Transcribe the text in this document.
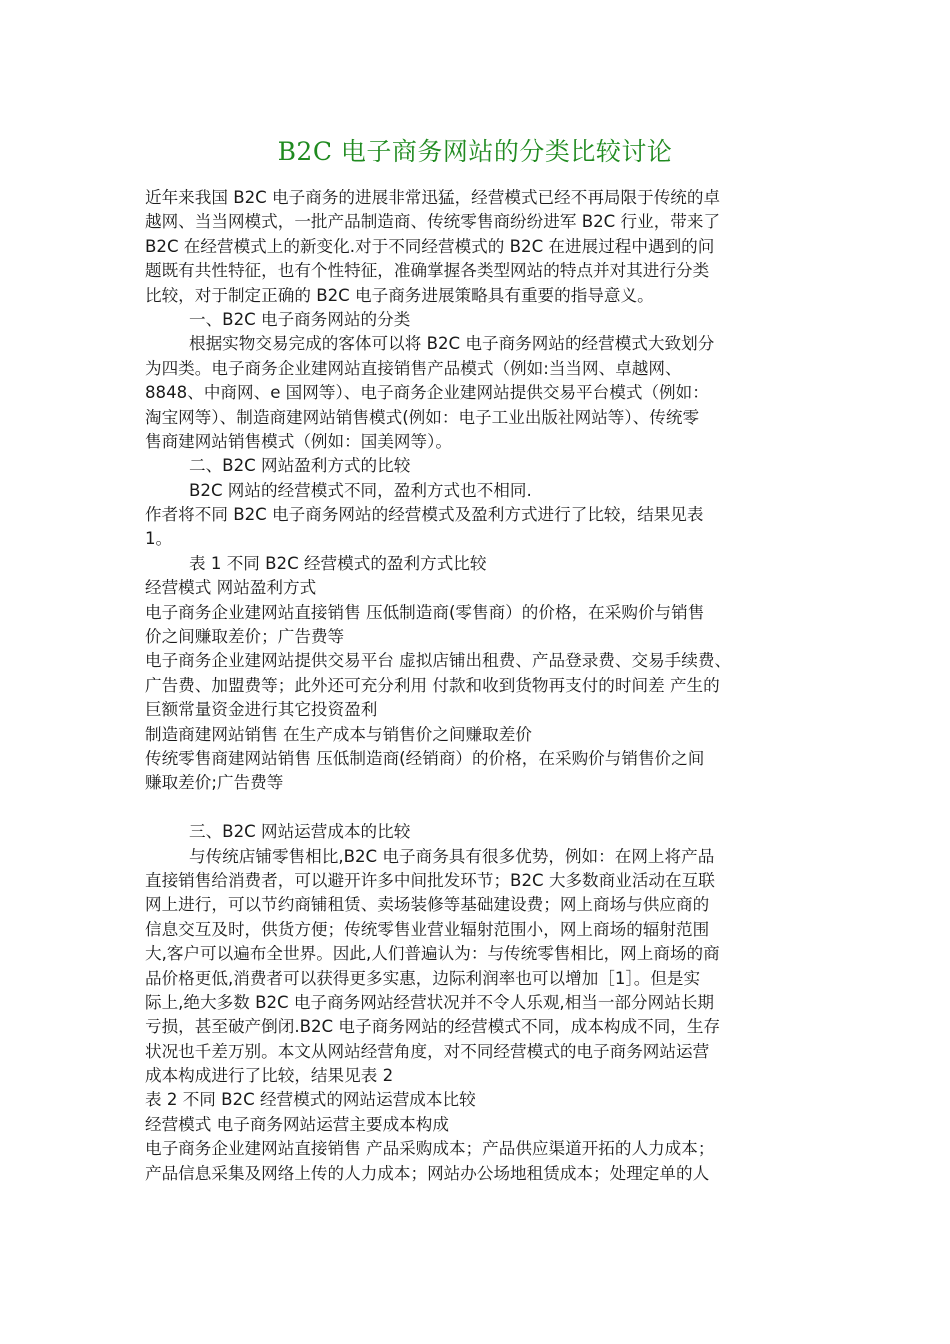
B2C 电子商务网站的分类比较讨论
近年来我国 B2C 电子商务的进展非常迅猛，经营模式已经不再局限于传统的卓
越网、当当网模式，一批产品制造商、传统零售商纷纷进军 B2C 行业，带来了
B2C 在经营模式上的新变化.对于不同经营模式的 B2C 在进展过程中遇到的问
题既有共性特征，也有个性特征，准确掌握各类型网站的特点并对其进行分类
比较，对于制定正确的 B2C 电子商务进展策略具有重要的指导意义。
一、B2C 电子商务网站的分类
根据实物交易完成的客体可以将 B2C 电子商务网站的经营模式大致划分
为四类。电子商务企业建网站直接销售产品模式（例如:当当网、卓越网、
8848、中商网、e 国网等）、电子商务企业建网站提供交易平台模式（例如：
淘宝网等）、制造商建网站销售模式(例如：电子工业出版社网站等）、传统零
售商建网站销售模式（例如：国美网等）。
二、B2C 网站盈利方式的比较
B2C 网站的经营模式不同，盈利方式也不相同.
作者将不同 B2C 电子商务网站的经营模式及盈利方式进行了比较，结果见表
1。
表 1 不同 B2C 经营模式的盈利方式比较
经营模式 网站盈利方式
电子商务企业建网站直接销售 压低制造商(零售商）的价格，在采购价与销售
价之间赚取差价；广告费等
电子商务企业建网站提供交易平台 虚拟店铺出租费、产品登录费、交易手续费、
广告费、加盟费等；此外还可充分利用 付款和收到货物再支付的时间差 产生的
巨额常量资金进行其它投资盈利
制造商建网站销售 在生产成本与销售价之间赚取差价
传统零售商建网站销售 压低制造商(经销商）的价格，在采购价与销售价之间
赚取差价;广告费等
三、B2C 网站运营成本的比较
与传统店铺零售相比,B2C 电子商务具有很多优势，例如：在网上将产品
直接销售给消费者，可以避开许多中间批发环节；B2C 大多数商业活动在互联
网上进行，可以节约商铺租赁、卖场装修等基础建设费；网上商场与供应商的
信息交互及时，供货方便；传统零售业营业辐射范围小，网上商场的辐射范围
大,客户可以遍布全世界。因此,人们普遍认为：与传统零售相比，网上商场的商
品价格更低,消费者可以获得更多实惠，边际利润率也可以增加［1］。但是实
际上,绝大多数 B2C 电子商务网站经营状况并不令人乐观,相当一部分网站长期
亏损，甚至破产倒闭.B2C 电子商务网站的经营模式不同，成本构成不同，生存
状况也千差万别。本文从网站经营角度，对不同经营模式的电子商务网站运营
成本构成进行了比较，结果见表 2
表 2 不同 B2C 经营模式的网站运营成本比较
经营模式 电子商务网站运营主要成本构成
电子商务企业建网站直接销售 产品采购成本；产品供应渠道开拓的人力成本；
产品信息采集及网络上传的人力成本；网站办公场地租赁成本；处理定单的人
